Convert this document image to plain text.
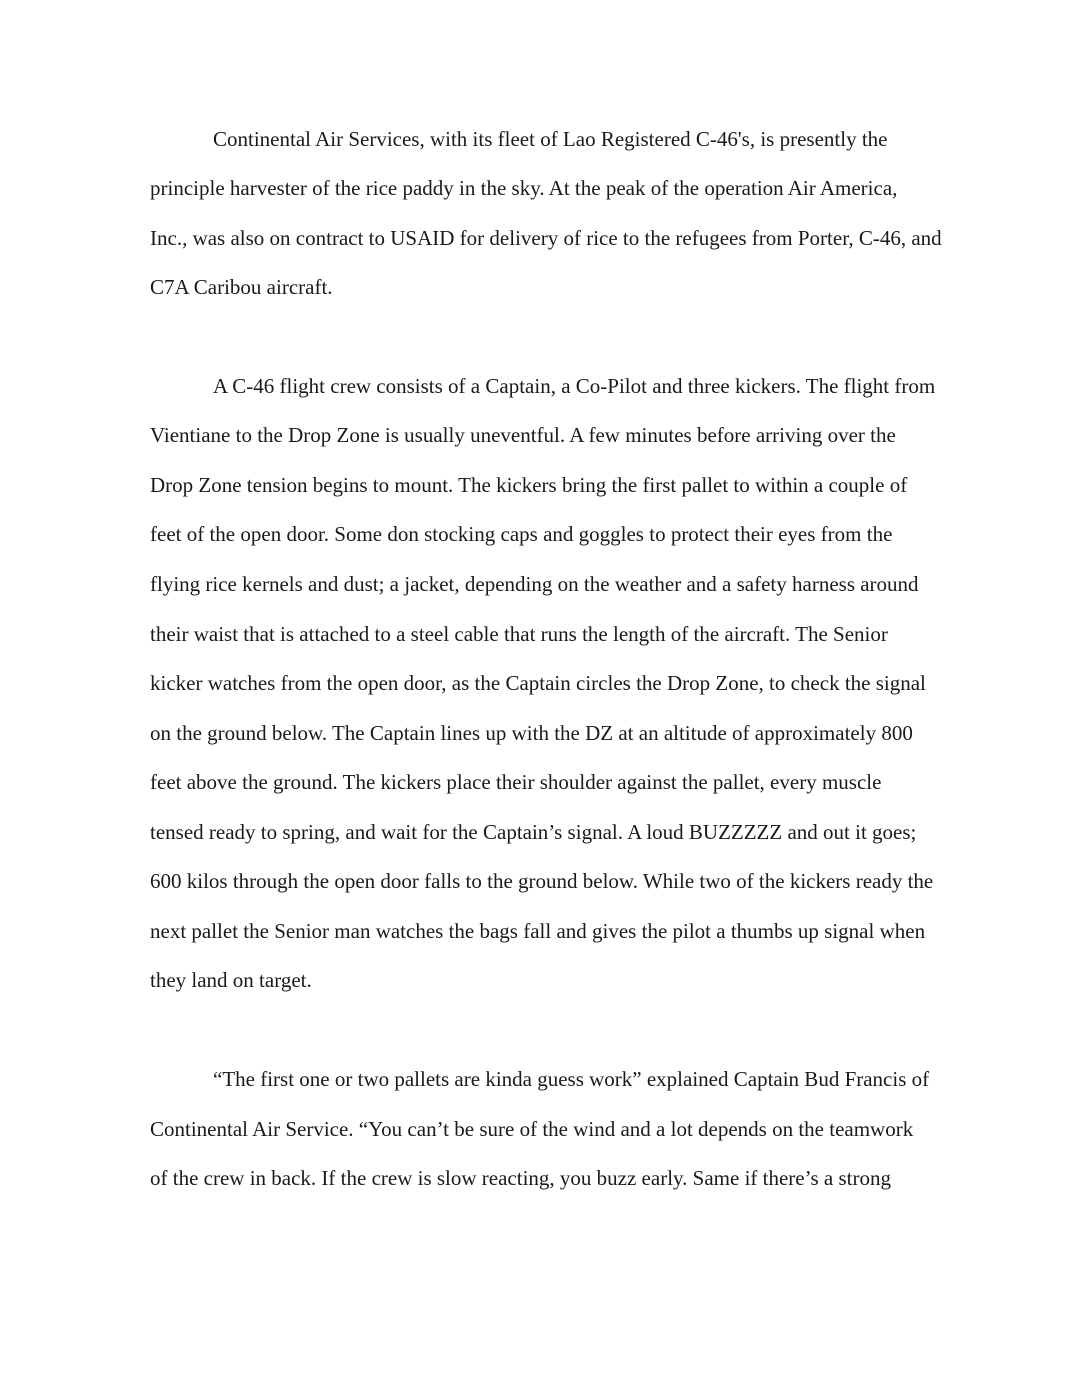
Continental Air Services, with its fleet of Lao Registered C-46's, is presently the

principle harvester of the rice paddy in the sky. At the peak of the operation Air America,

Inc., was also on contract to USAID for delivery of rice to the refugees from Porter, C-46, and

C7A Caribou aircraft.

A C-46 flight crew consists of a Captain, a Co-Pilot and three kickers. The flight from

Vientiane to the Drop Zone is usually uneventful. A few minutes before arriving over the

Drop Zone tension begins to mount. The kickers bring the first pallet to within a couple of

feet of the open door. Some don stocking caps and goggles to protect their eyes from the

flying rice kernels and dust; a jacket, depending on the weather and a safety harness around

their waist that is attached to a steel cable that runs the length of the aircraft. The Senior

kicker watches from the open door, as the Captain circles the Drop Zone, to check the signal

on the ground below. The Captain lines up with the DZ at an altitude of approximately 800

feet above the ground. The kickers place their shoulder against the pallet, every muscle

tensed ready to spring, and wait for the Captain’s signal. A loud BUZZZZZ and out it goes;

600 kilos through the open door falls to the ground below. While two of the kickers ready the

next pallet the Senior man watches the bags fall and gives the pilot a thumbs up signal when

they land on target.

“The first one or two pallets are kinda guess work” explained Captain Bud Francis of

Continental Air Service. “You can’t be sure of the wind and a lot depends on the teamwork

of the crew in back. If the crew is slow reacting, you buzz early. Same if there’s a strong
